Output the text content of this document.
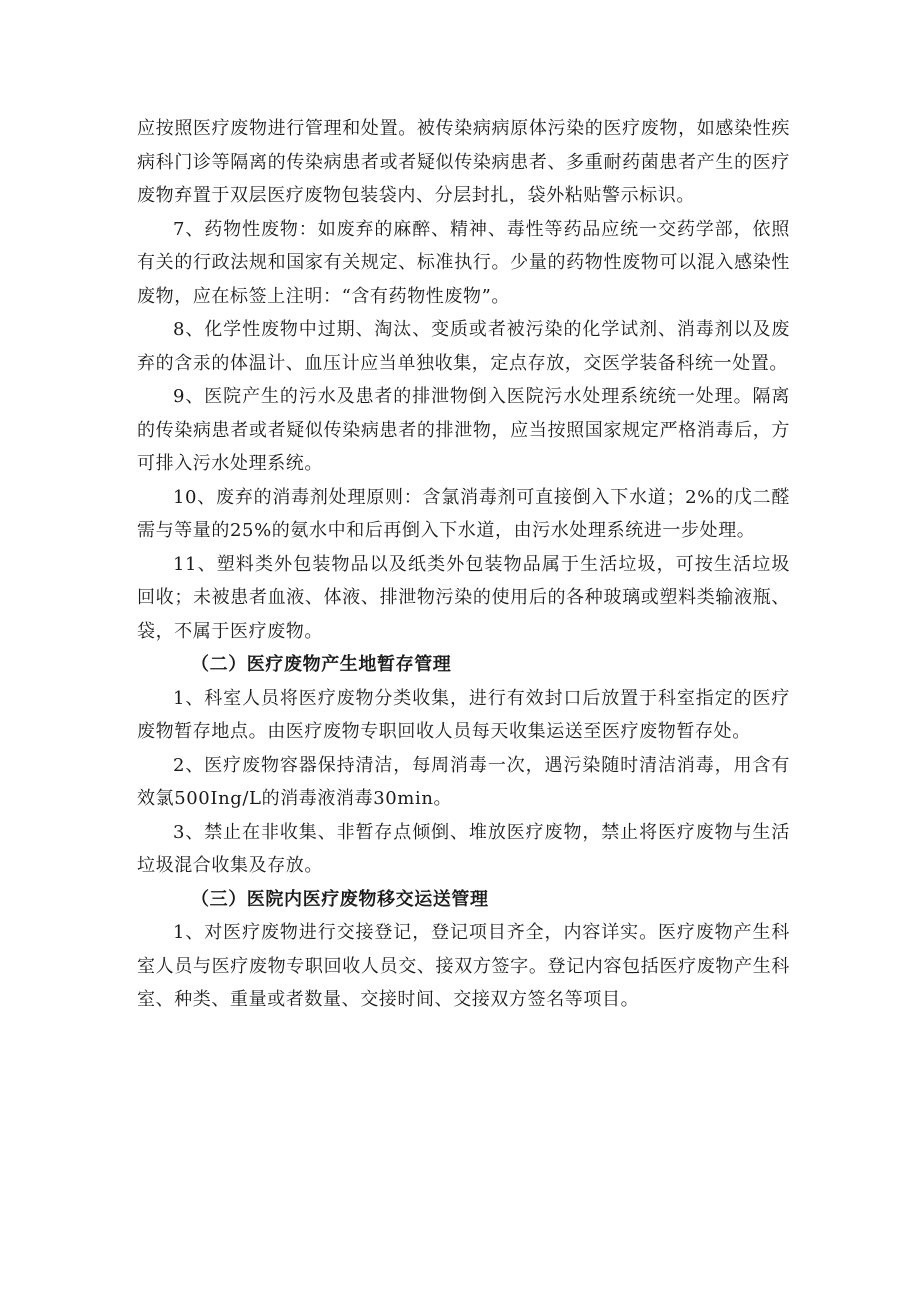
应按照医疗废物进行管理和处置。被传染病病原体污染的医疗废物，如感染性疾病科门诊等隔离的传染病患者或者疑似传染病患者、多重耐药菌患者产生的医疗废物弃置于双层医疗废物包装袋内、分层封扎，袋外粘贴警示标识。

7、药物性废物：如废弃的麻醉、精神、毒性等药品应统一交药学部，依照有关的行政法规和国家有关规定、标准执行。少量的药物性废物可以混入感染性废物，应在标签上注明：“含有药物性废物”。

8、化学性废物中过期、淘汰、变质或者被污染的化学试剂、消毒剂以及废弃的含汞的体温计、血压计应当单独收集，定点存放，交医学装备科统一处置。

9、医院产生的污水及患者的排泄物倒入医院污水处理系统统一处理。隔离的传染病患者或者疑似传染病患者的排泄物，应当按照国家规定严格消毒后，方可排入污水处理系统。

10、废弃的消毒剂处理原则：含氯消毒剂可直接倒入下水道；2%的戊二醛需与等量的25%的氨水中和后再倒入下水道，由污水处理系统进一步处理。

11、塑料类外包装物品以及纸类外包装物品属于生活垃圾，可按生活垃圾回收；未被患者血液、体液、排泄物污染的使用后的各种玻璃或塑料类输液瓶、袋，不属于医疗废物。

（二）医疗废物产生地暂存管理

1、科室人员将医疗废物分类收集，进行有效封口后放置于科室指定的医疗废物暂存地点。由医疗废物专职回收人员每天收集运送至医疗废物暂存处。

2、医疗废物容器保持清洁，每周消毒一次，遇污染随时清洁消毒，用含有效氯500Ing/L的消毒液消毒30min。

3、禁止在非收集、非暂存点倾倒、堆放医疗废物，禁止将医疗废物与生活垃圾混合收集及存放。

（三）医院内医疗废物移交运送管理

1、对医疗废物进行交接登记，登记项目齐全，内容详实。医疗废物产生科室人员与医疗废物专职回收人员交、接双方签字。登记内容包括医疗废物产生科室、种类、重量或者数量、交接时间、交接双方签名等项目。
